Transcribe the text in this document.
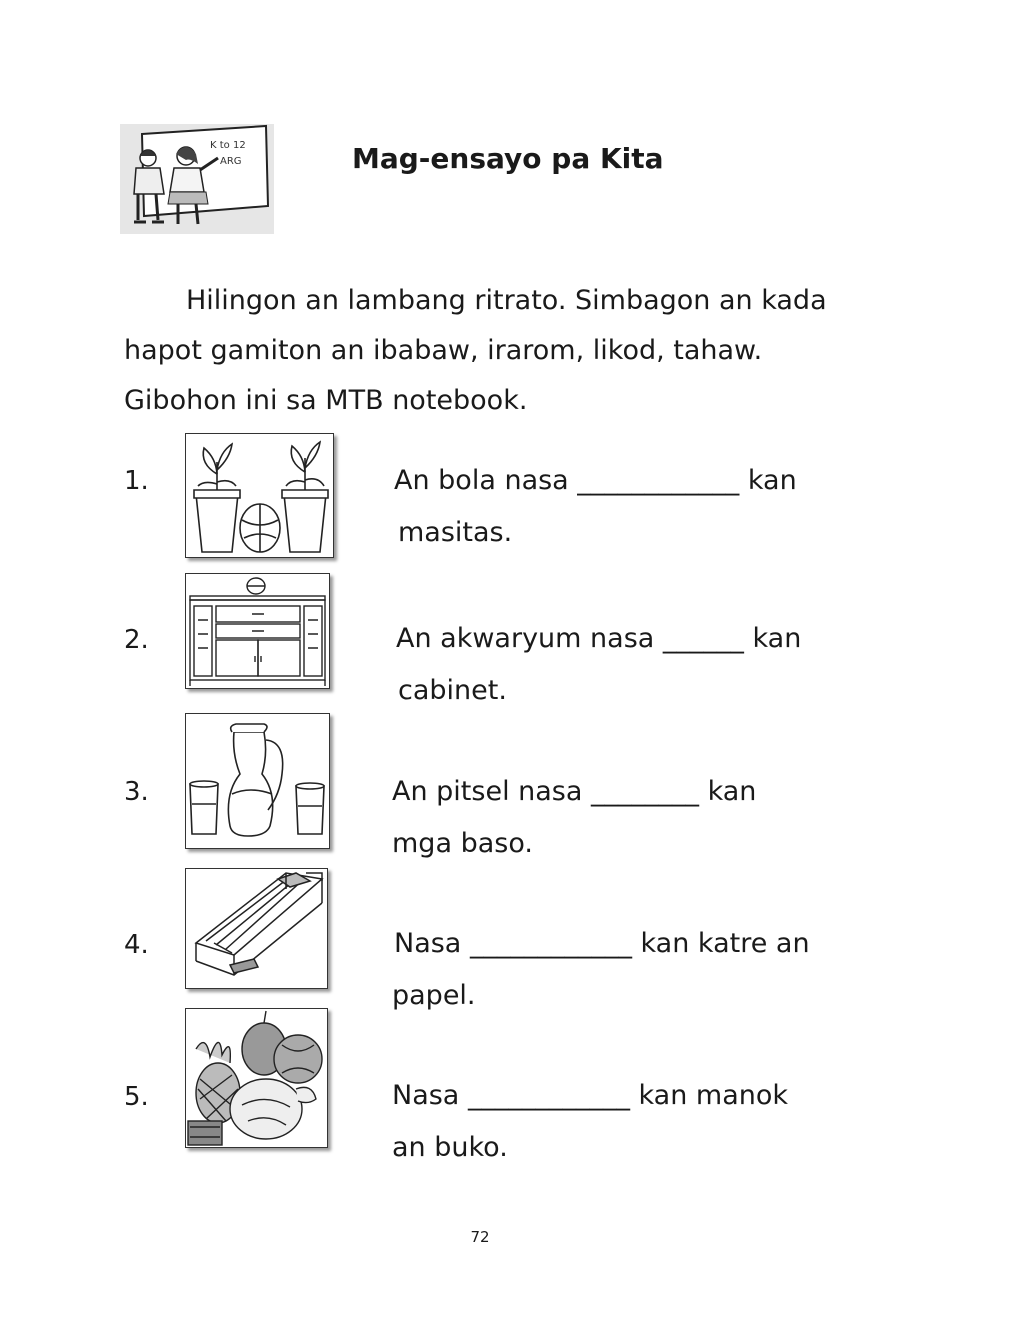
K to 12
ARG	Mag-ensayo pa Kita
Hilingon an lambang ritrato. Simbagon an kada
hapot gamiton an ibabaw, irarom, likod, tahaw.
Gibohon ini sa MTB notebook.
1.	An bola nasa ____________ kan
masitas.
2.	An akwaryum nasa ______ kan
cabinet.
3.	An pitsel nasa ________ kan
mga baso.
4.	Nasa ____________ kan katre an
papel.
5.	Nasa ____________ kan manok
an buko.
72
